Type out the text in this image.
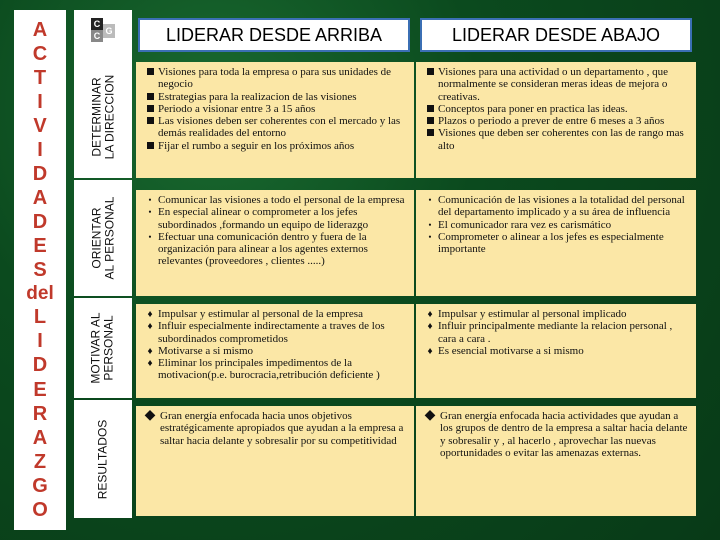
A
C
T
I
V
I
D
A
D
E
S
del
L
I
D
E
R
A
Z
G
O
C
C G	LIDERAR DESDE ARRIBA	LIDERAR DESDE ABAJO
DETERMINAR LA DIRECCION
ORIENTAR AL PERSONAL
MOTIVAR AL PERSONAL
RESULTADOS
Visiones para toda la empresa o para sus unidades de negocio
Estrategias para la realizacion de las visiones
Periodo a visionar entre 3 a 15 años
Las visiones deben ser coherentes con el mercado y las demás realidades del entorno
Fijar el rumbo a seguir en los próximos años
Visiones para una actividad o un departamento , que normalmente se consideran meras ideas de mejora o creativas.
Conceptos para poner en practica las ideas.
Plazos o periodo a prever de entre 6 meses a 3 años
Visiones que deben ser coherentes con las de rango mas alto
• Comunicar las visiones a todo el personal de la empresa
• En especial alinear o comprometer a los jefes subordinados ,formando un equipo de liderazgo
• Efectuar una comunicación dentro y fuera de la organización para alinear a los agentes externos relevantes (proveedores , clientes .....)
• Comunicación de las visiones a la totalidad del personal del departamento implicado y a su área de influencia
• El comunicador rara vez es carismático
• Comprometer o alinear a los jefes es especialmente importante
♦ Impulsar y estimular al personal de la empresa
♦ Influir especialmente indirectamente a traves de los subordinados comprometidos
♦ Motivarse a si mismo
♦ Eliminar los principales impedimentos de la motivacion(p.e. burocracia,retribución deficiente )
♦ Impulsar y estimular al personal implicado
♦ Influir principalmente mediante la relacion personal , cara a cara .
♦ Es esencial motivarse a si mismo
◆ Gran energía enfocada hacia unos objetivos estratégicamente apropiados que ayudan a la empresa a saltar hacia delante y sobresalir por su competitividad
◆ Gran energía enfocada hacia actividades que ayudan a los grupos de dentro de la empresa a saltar hacia delante y sobresalir y , al hacerlo , aprovechar las nuevas oportunidades o evitar las amenazas externas.
